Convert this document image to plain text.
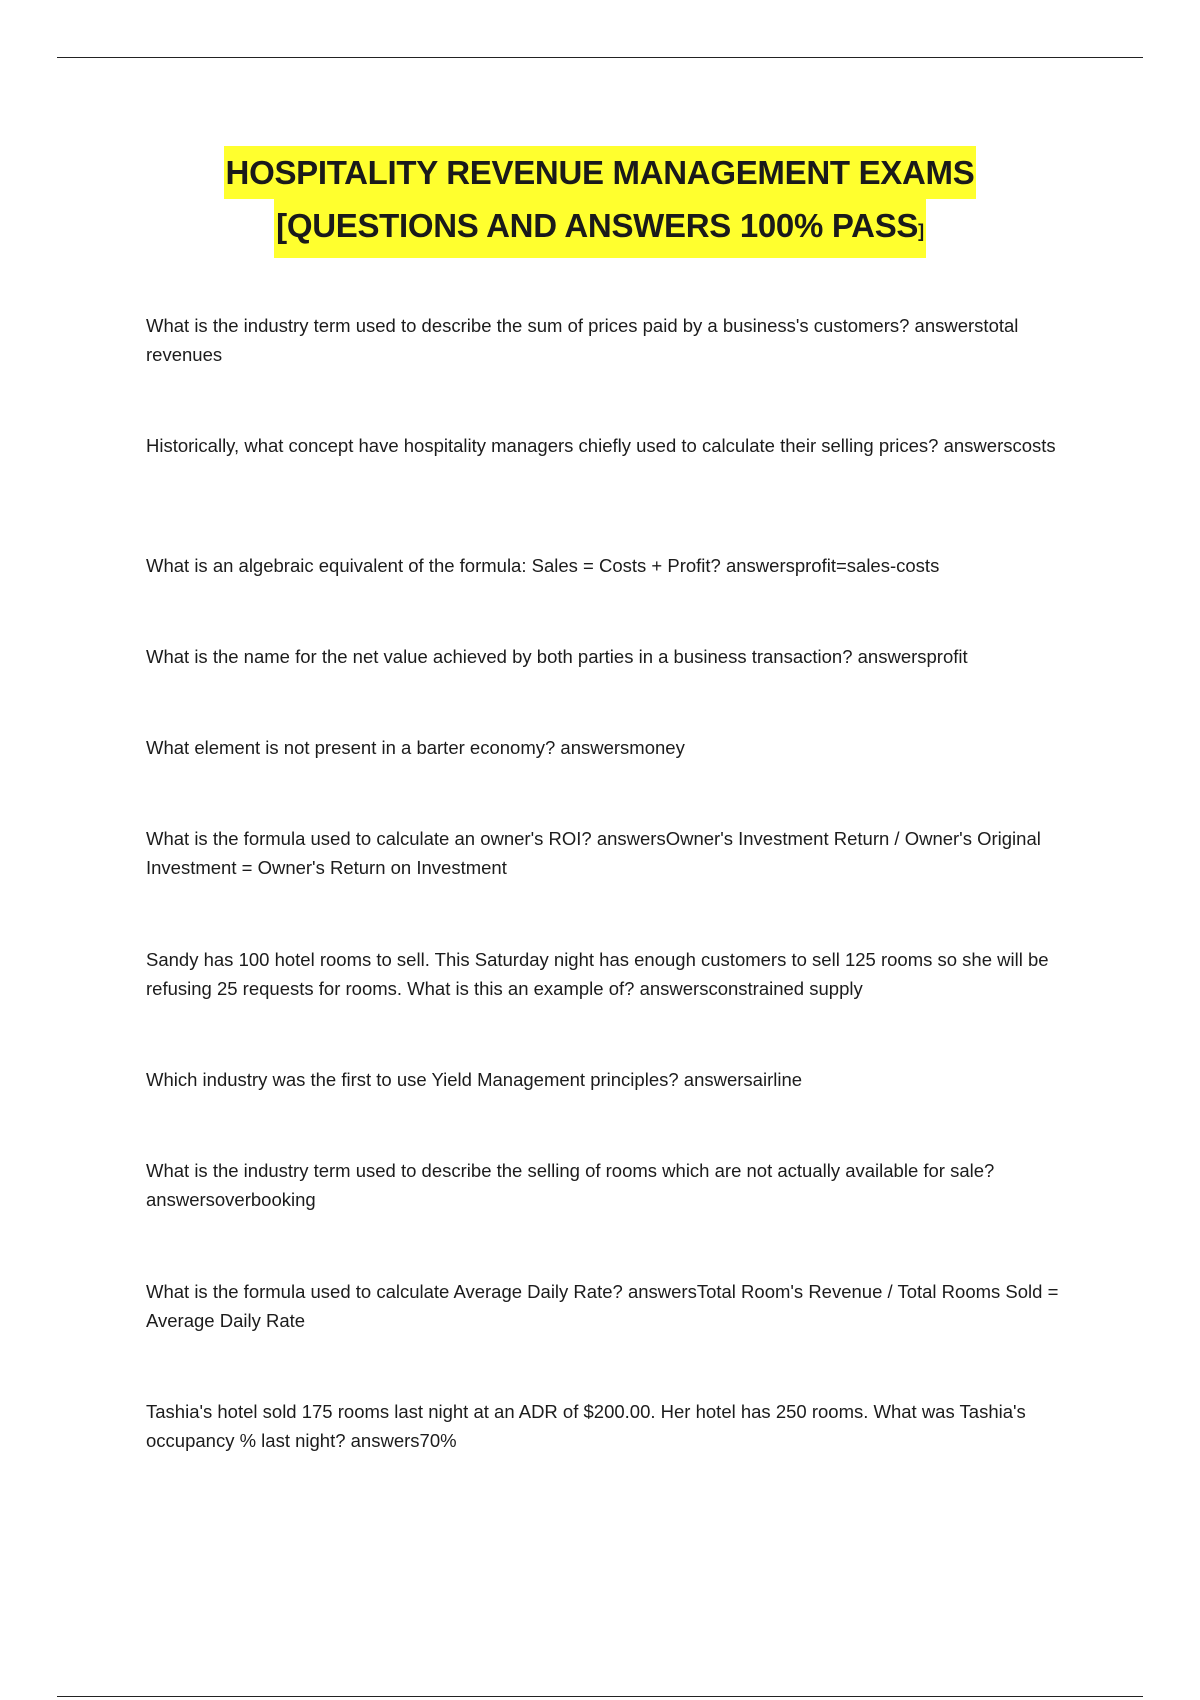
HOSPITALITY REVENUE MANAGEMENT EXAMS
[QUESTIONS AND ANSWERS 100% PASS]
What is the industry term used to describe the sum of prices paid by a business's customers? answerstotal revenues
Historically, what concept have hospitality managers chiefly used to calculate their selling prices? answerscosts
What is an algebraic equivalent of the formula: Sales = Costs + Profit? answersprofit=sales-costs
What is the name for the net value achieved by both parties in a business transaction? answersprofit
What element is not present in a barter economy? answersmoney
What is the formula used to calculate an owner's ROI? answersOwner's Investment Return / Owner's Original Investment = Owner's Return on Investment
Sandy has 100 hotel rooms to sell. This Saturday night has enough customers to sell 125 rooms so she will be refusing 25 requests for rooms. What is this an example of? answersconstrained supply
Which industry was the first to use Yield Management principles? answersairline
What is the industry term used to describe the selling of rooms which are not actually available for sale? answersoverbooking
What is the formula used to calculate Average Daily Rate? answersTotal Room's Revenue / Total Rooms Sold = Average Daily Rate
Tashia's hotel sold 175 rooms last night at an ADR of $200.00. Her hotel has 250 rooms. What was Tashia's occupancy % last night? answers70%
